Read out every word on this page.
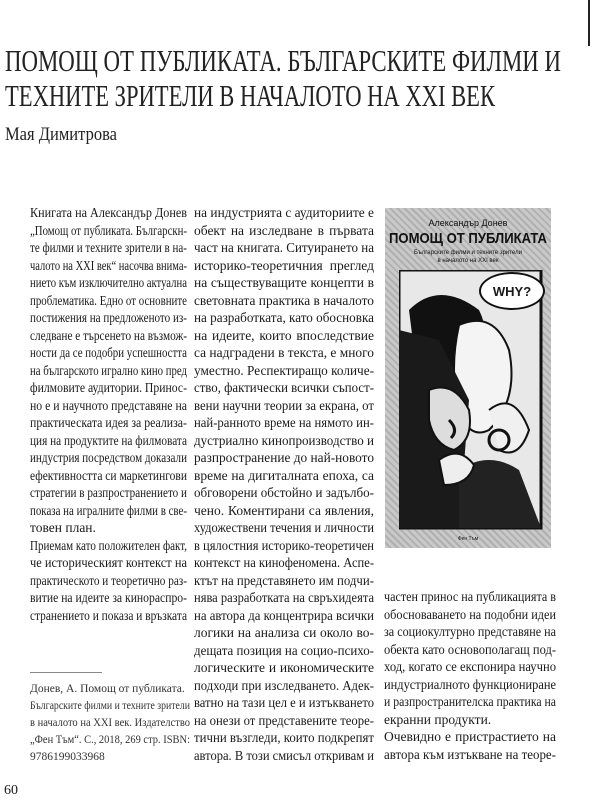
ПОМОЩ ОТ ПУБЛИКАТА. БЪЛГАРСКИТЕ ФИЛМИ И
ТЕХНИТЕ ЗРИТЕЛИ В НАЧАЛОТО НА XXI ВЕК
Мая Димитрова
Книгата на Александър Донев
„Помощ от публиката. Българскн-
те филми и техните зрители в на-
чалото на XXI век“ насочва внима-
нието към изключително актуална
проблематика. Едно от основните
постижения на предложеното из-
следване е търсенето на възмож-
ности да се подобри успешността
на българското игрално кино пред
филмовите аудитории. Принос-
но е и научното представяне на
практическата идея за реализа-
ция на продуктите на филмовата
индустрия посредством доказали
ефективността си маркетингови
стратегии в разпространението и
показа на игралните филми в све-
товен план.
Приемам като положителен факт,
че историческият контекст на
практическото и теоретично раз-
витие на идеите за кинораспро-
странението и показа и връзката
на индустрията с аудиториите е
обект на изследване в първата
част на книгата. Ситуирането на
историко-теоретичния преглед
на съществуващите концепти в
световната практика в началото
на разработката, като обосновка
на идеите, които впоследствие
са надградени в текста, е много
уместно. Респектиращо количе-
ство, фактически всички съпост-
вени научни теории за екрана, от
най-ранното време на нямото ин-
дустриално кинопроизводство и
разпространение до най-новото
време на дигиталната епоха, са
обговорени обстойно и задълбо-
чено. Коментирани са явления,
художествени течения и личности
в цялостния историко-теоретичен
контекст на кинофеномена. Аспе-
ктът на представянето им подчи-
нява разработката на свръхидеята
на автора да концентрира всички
логики на анализа си около во-
дещата позиция на социо-психо-
логическите и икономическите
подходи при изследването. Адек-
ватно на тази цел е и изтъкването
на онези от представените теоре-
тични възгледи, които подкрепят
автора. В този смисъл откривам и
частен принос на публикацията в
обосноваването на подобни идеи
за социокултурно представяне на
обекта като основополагащ под-
ход, когато се експонира научно
индустриалното функциониране
и разпространителска практика на
екранни продукти.
Очевидно е пристрастието на
автора към изтъкване на теоре-
Донев, А. Помощ от публиката.
Българските филми и техните зрители
в началото на XXI век. Издателство
„Фен Тъм“. С., 2018, 269 стр. ISBN:
9786199033968
Александър Донев
ПОМОЩ ОТ ПУБЛИКАТА
Българските филми и техните зрители
в началото на XXI век
WHY?
Фен Тъм
60
